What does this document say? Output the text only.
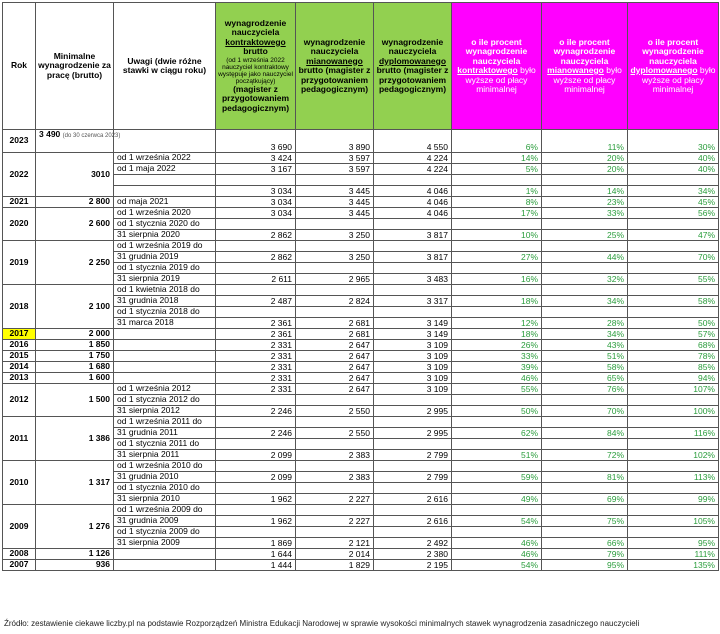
Rok	Minimalne wynagrodzenie za pracę (brutto)	Uwagi (dwie różne stawki w ciągu roku)	wynagrodzenie nauczyciela kontraktowego brutto
(od 1 września 2022 nauczyciel kontraktowy występuje jako nauczyciel początkujący)
(magister z przygotowaniem pedagogicznym)	wynagrodzenie nauczyciela mianowanego brutto (magister z przygotowaniem pedagogicznym)	wynagrodzenie nauczyciela dyplomowanego brutto (magister z przygotowaniem pedagogicznym)	o ile procent wynagrodzenie nauczyciela kontraktowego było wyższe od płacy minimalnej	o ile procent wynagrodzenie nauczyciela mianowanego było wyższe od płacy minimalnej	o ile procent wynagrodzenie nauczyciela dyplomowanego było wyższe od płacy minimalnej
2023	3 490 (do 30 czerwca 2023)		3 690	3 890	4 550	6%	11%	30%
2022	3010	od 1 września 2022	3 424	3 597	4 224	14%	20%	40%
		od 1 maja 2022	3 167	3 597	4 224	5%	20%	40%

			3 034	3 445	4 046	1%	14%	34%
2021	2 800	od maja 2021	3 034	3 445	4 046	8%	23%	45%
2020	2 600	od 1 września 2020	3 034	3 445	4 046	17%	33%	56%
		od 1 stycznia 2020 do						
		31 sierpnia 2020	2 862	3 250	3 817	10%	25%	47%
2019	2 250	od 1 września 2019 do						
		31 grudnia 2019	2 862	3 250	3 817	27%	44%	70%
		od 1 stycznia 2019 do						
		31 sierpnia 2019	2 611	2 965	3 483	16%	32%	55%
2018	2 100	od 1 kwietnia 2018 do						
		31 grudnia 2018	2 487	2 824	3 317	18%	34%	58%
		od 1 stycznia 2018 do						
		31 marca 2018	2 361	2 681	3 149	12%	28%	50%
2017	2 000		2 361	2 681	3 149	18%	34%	57%
2016	1 850		2 331	2 647	3 109	26%	43%	68%
2015	1 750		2 331	2 647	3 109	33%	51%	78%
2014	1 680		2 331	2 647	3 109	39%	58%	85%
2013	1 600		2 331	2 647	3 109	46%	65%	94%
2012	1 500	od 1 września 2012	2 331	2 647	3 109	55%	76%	107%
		od 1 stycznia 2012 do						
		31 sierpnia 2012	2 246	2 550	2 995	50%	70%	100%
2011	1 386	od 1 września 2011 do						
		31 grudnia 2011	2 246	2 550	2 995	62%	84%	116%
		od 1 stycznia 2011 do						
		31 sierpnia 2011	2 099	2 383	2 799	51%	72%	102%
2010	1 317	od 1 września 2010 do						
		31 grudnia 2010	2 099	2 383	2 799	59%	81%	113%
		od 1 stycznia 2010 do						
		31 sierpnia 2010	1 962	2 227	2 616	49%	69%	99%
2009	1 276	od 1 września 2009 do						
		31 grudnia 2009	1 962	2 227	2 616	54%	75%	105%
		od 1 stycznia 2009 do						
		31 sierpnia 2009	1 869	2 121	2 492	46%	66%	95%
2008	1 126		1 644	2 014	2 380	46%	79%	111%
2007	936		1 444	1 829	2 195	54%	95%	135%
Źródło: zestawienie ciekawe liczby.pl na podstawie Rozporządzeń Ministra Edukacji Narodowej w sprawie wysokości minimalnych stawek wynagrodzenia zasadniczego nauczycieli
